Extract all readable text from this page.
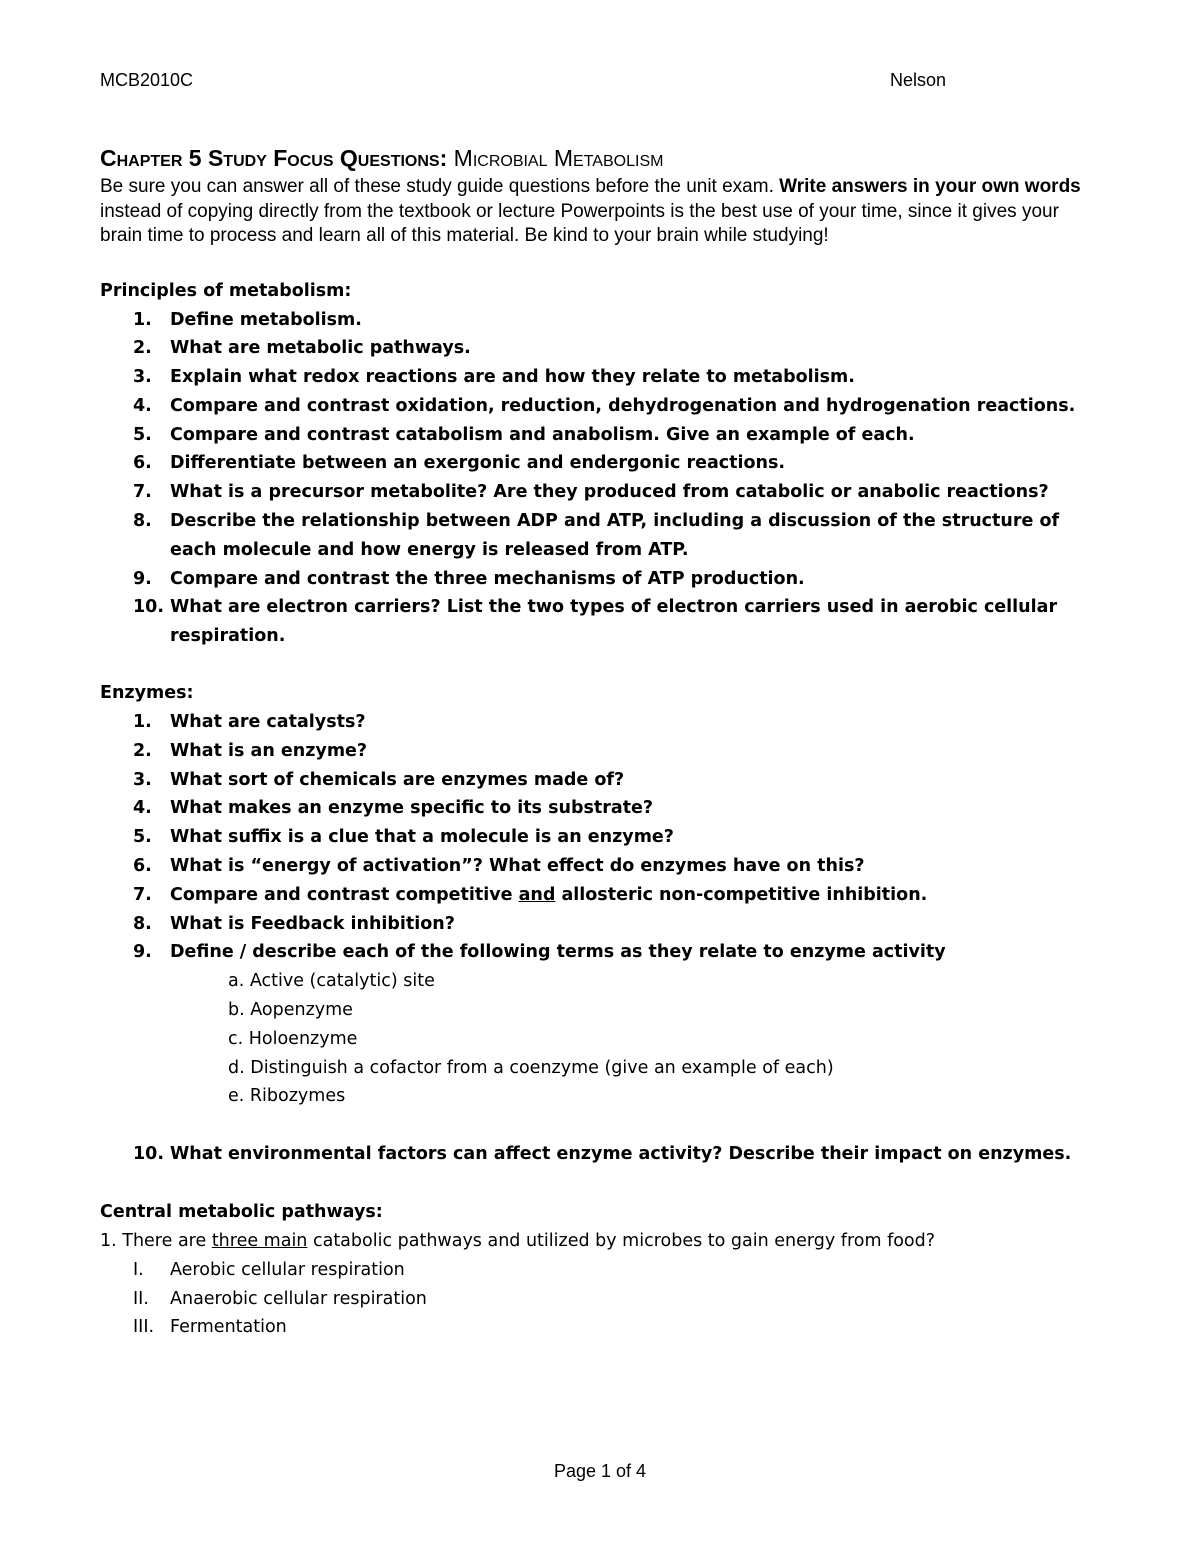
MCB2010C	Nelson
Chapter 5 Study Focus Questions: Microbial Metabolism

Be sure you can answer all of these study guide questions before the unit exam. Write answers in your own words instead of copying directly from the textbook or lecture Powerpoints is the best use of your time, since it gives your brain time to process and learn all of this material. Be kind to your brain while studying!

Principles of metabolism:

1.	Define metabolism.
2.	What are metabolic pathways.
3.	Explain what redox reactions are and how they relate to metabolism.
4.	Compare and contrast oxidation, reduction, dehydrogenation and hydrogenation reactions.
5.	Compare and contrast catabolism and anabolism. Give an example of each.
6.	Differentiate between an exergonic and endergonic reactions.
7.	What is a precursor metabolite? Are they produced from catabolic or anabolic reactions?
8.	Describe the relationship between ADP and ATP, including a discussion of the structure of each molecule and how energy is released from ATP.
9.	Compare and contrast the three mechanisms of ATP production.
10. What are electron carriers? List the two types of electron carriers used in aerobic cellular respiration.

Enzymes:

1.	What are catalysts?
2.	What is an enzyme?
3.	What sort of chemicals are enzymes made of?
4.	What makes an enzyme specific to its substrate?
5.	What suffix is a clue that a molecule is an enzyme?
6.	What is “energy of activation”? What effect do enzymes have on this?
7.	Compare and contrast competitive and allosteric non-competitive inhibition.
8.	What is Feedback inhibition?
9.	Define / describe each of the following terms as they relate to enzyme activity
a. Active (catalytic) site
b. Aopenzyme
c. Holoenzyme
d. Distinguish a cofactor from a coenzyme (give an example of each)
e. Ribozymes
10. What environmental factors can affect enzyme activity? Describe their impact on enzymes.

Central metabolic pathways:

1. There are three main catabolic pathways and utilized by microbes to gain energy from food?
I.	Aerobic cellular respiration
II.	Anaerobic cellular respiration
III. Fermentation
Page 1 of 4
